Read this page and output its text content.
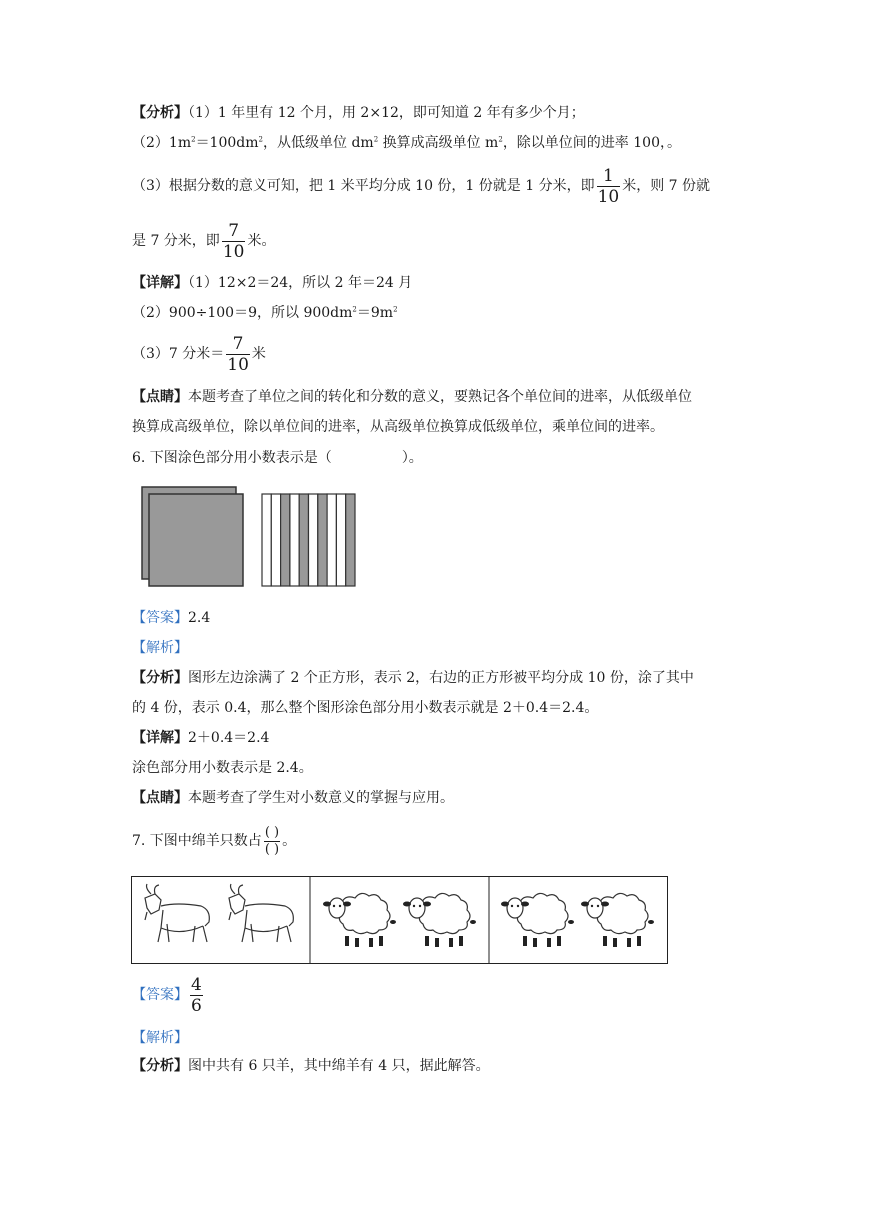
【分析】（1）1 年里有 12 个月，用 2×12，即可知道 2 年有多少个月；
$(2)1m^2=100dm^2$，从低级单位 $dm^2$ 换算成高级单位 $m^2$，除以单位间的进率 100，。
（3）根据分数的意义可知，把 1 米平均分成 10 份，1 份就是 1 分米，即 $\frac{1}{10}$ 米，则 7 份就
是 7 分米，即 $\frac{7}{10}$ 米。
【详解】（1）12×2＝24，所以 2 年＝24 月
（2）900÷100＝9，所以 $900dm^2=9m^2$
（3）7 分米＝ $\frac{7}{10}$ 米
【点睛】本题考查了单位之间的转化和分数的意义，要熟记各个单位间的进率，从低级单位
换算成高级单位，除以单位间的进率，从高级单位换算成低级单位，乘单位间的进率。
6. 下图涂色部分用小数表示是（	）。
【答案】2.4
【解析】
【分析】图形左边涂满了 2 个正方形，表示 2，右边的正方形被平均分成 10 份，涂了其中
的 4 份，表示 0.4，那么整个图形涂色部分用小数表示就是 2＋0.4＝2.4。
【详解】2＋0.4＝2.4
涂色部分用小数表示是 2.4。
【点睛】本题考查了学生对小数意义的掌握与应用。
7. 下图中绵羊只数占 $\frac{( )}{( )}$ 。
【答案】 $\frac{4}{6}$
【解析】
【分析】图中共有 6 只羊，其中绵羊有 4 只，据此解答。
